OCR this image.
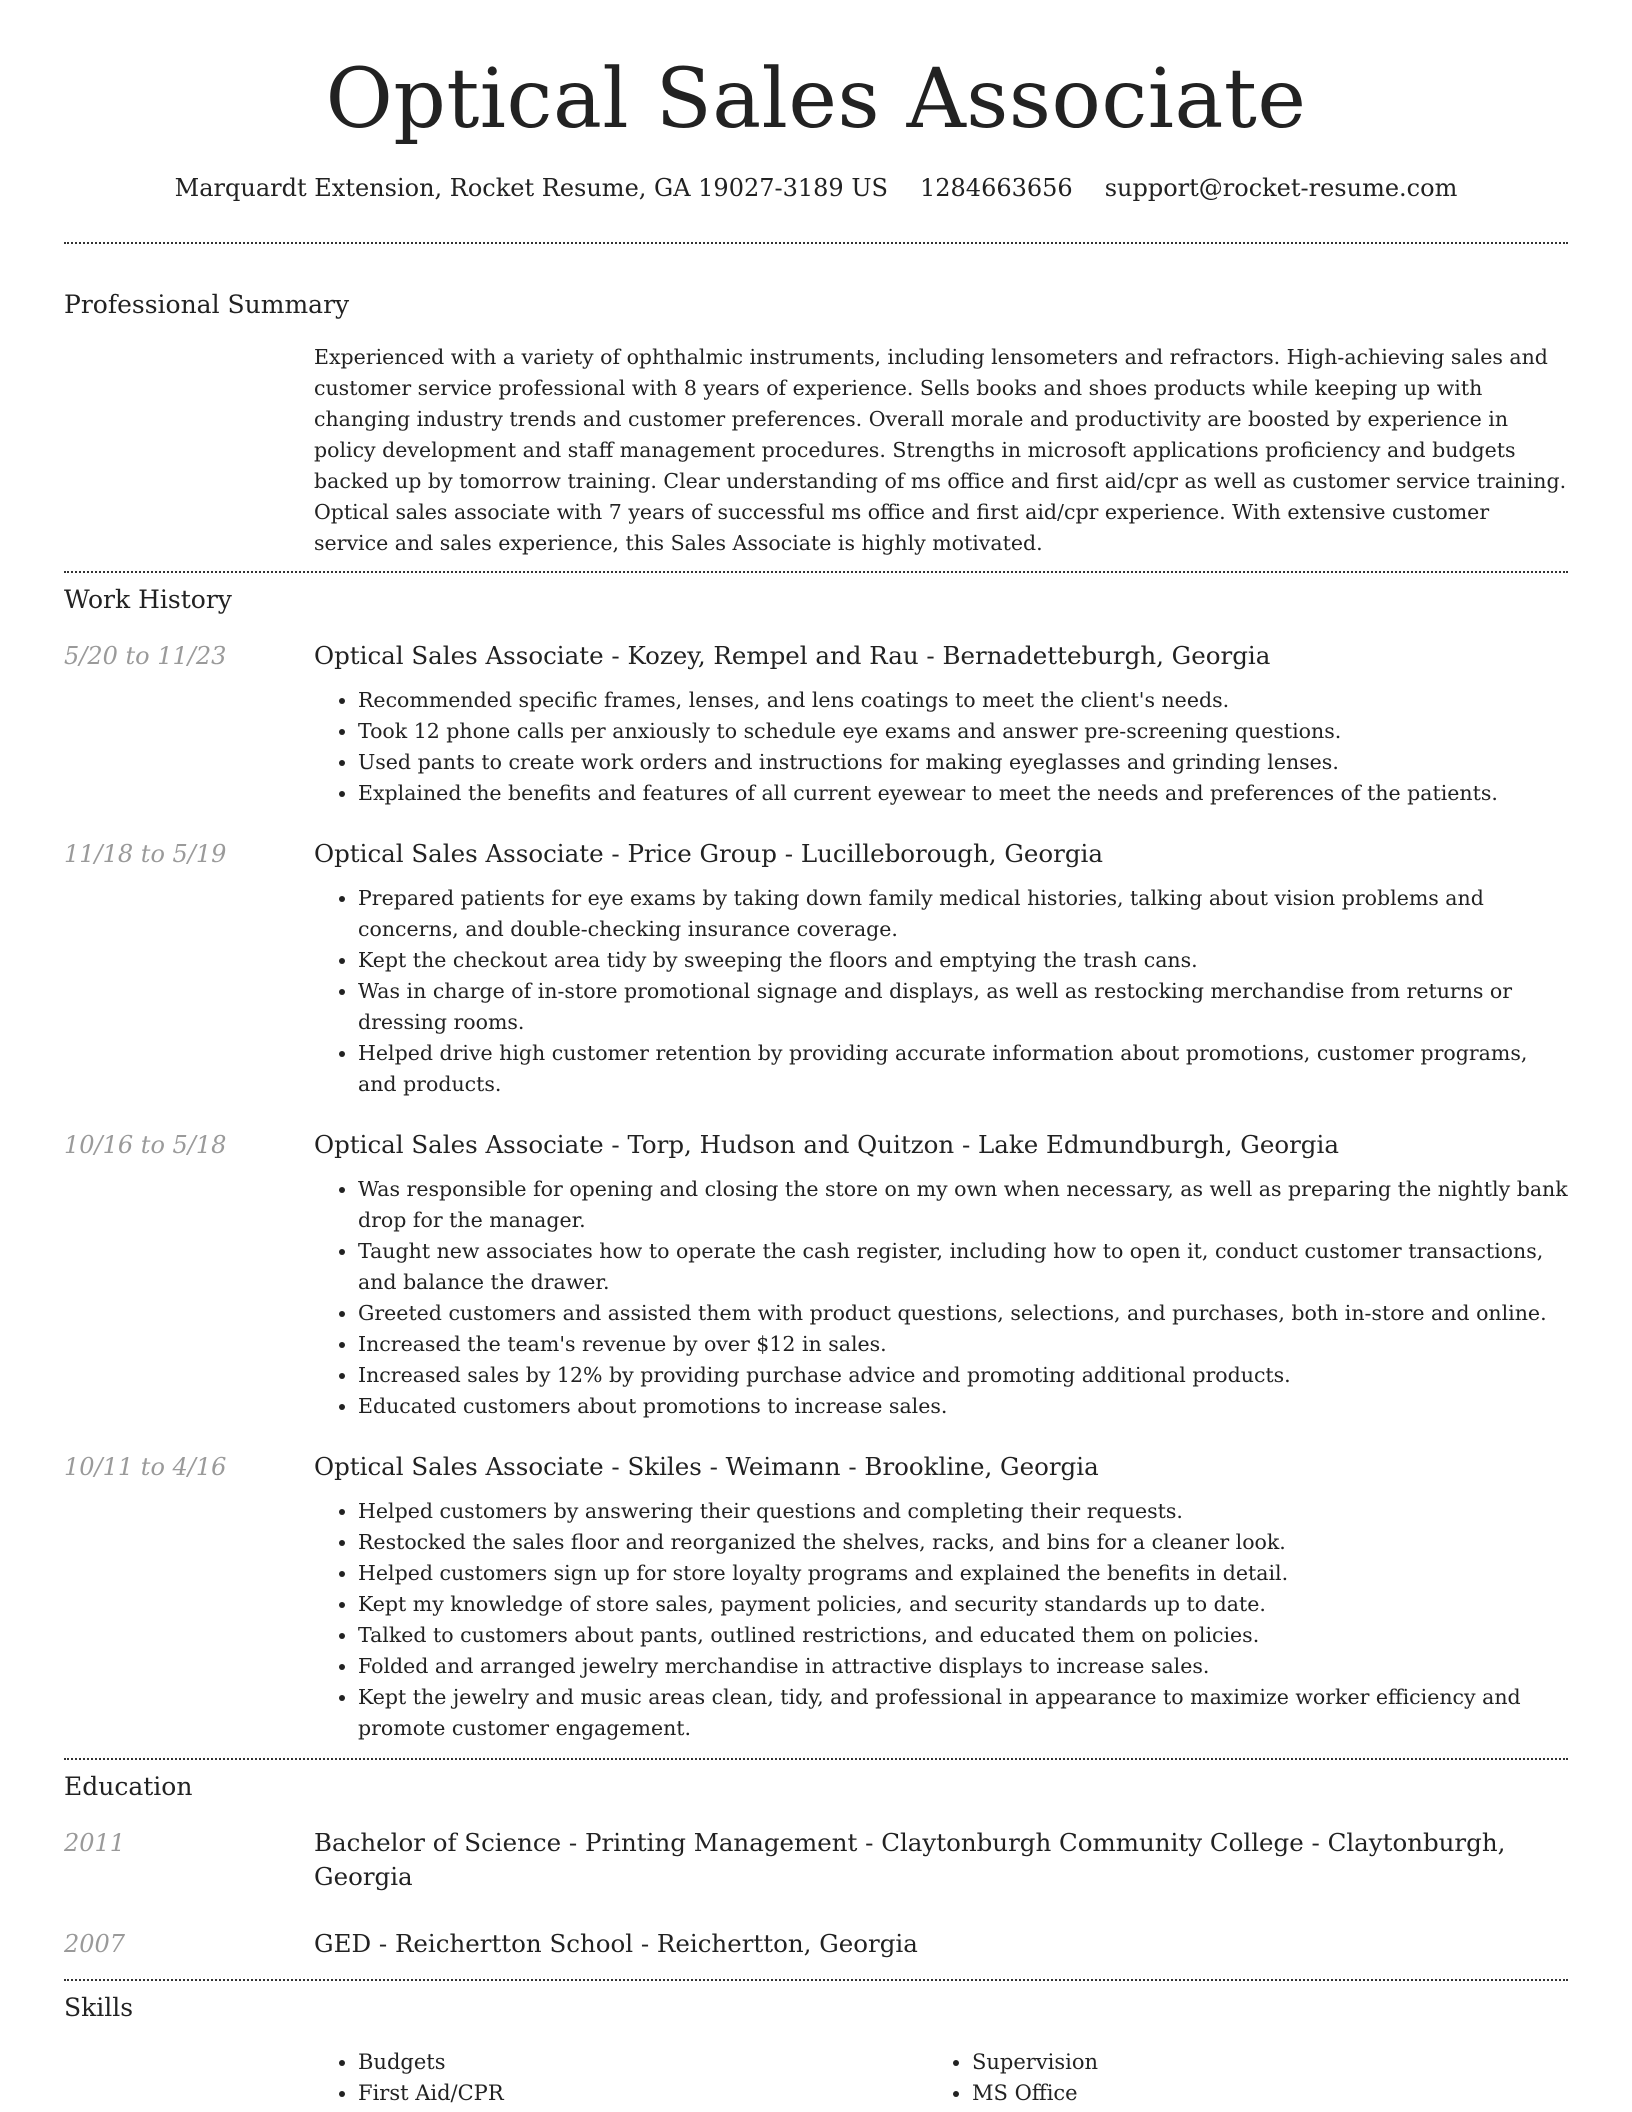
Optical Sales Associate
Marquardt Extension, Rocket Resume, GA 19027-3189 US 1284663656 support@rocket-resume.com
Professional Summary

Experienced with a variety of ophthalmic instruments, including lensometers and refractors. High-achieving sales and customer service professional with 8 years of experience. Sells books and shoes products while keeping up with changing industry trends and customer preferences. Overall morale and productivity are boosted by experience in policy development and staff management procedures. Strengths in microsoft applications proficiency and budgets backed up by tomorrow training. Clear understanding of ms office and first aid/cpr as well as customer service training. Optical sales associate with 7 years of successful ms office and first aid/cpr experience. With extensive customer service and sales experience, this Sales Associate is highly motivated.

Work History
5/20 to 11/23	Optical Sales Associate - Kozey, Rempel and Rau - Bernadetteburgh, Georgia
• Recommended specific frames, lenses, and lens coatings to meet the client's needs.
• Took 12 phone calls per anxiously to schedule eye exams and answer pre-screening questions.
• Used pants to create work orders and instructions for making eyeglasses and grinding lenses.
• Explained the benefits and features of all current eyewear to meet the needs and preferences of the patients.
11/18 to 5/19	Optical Sales Associate - Price Group - Lucilleborough, Georgia
• Prepared patients for eye exams by taking down family medical histories, talking about vision problems and concerns, and double-checking insurance coverage.
• Kept the checkout area tidy by sweeping the floors and emptying the trash cans.
• Was in charge of in-store promotional signage and displays, as well as restocking merchandise from returns or dressing rooms.
• Helped drive high customer retention by providing accurate information about promotions, customer programs, and products.
10/16 to 5/18	Optical Sales Associate - Torp, Hudson and Quitzon - Lake Edmundburgh, Georgia
• Was responsible for opening and closing the store on my own when necessary, as well as preparing the nightly bank drop for the manager.
• Taught new associates how to operate the cash register, including how to open it, conduct customer transactions, and balance the drawer.
• Greeted customers and assisted them with product questions, selections, and purchases, both in-store and online.
• Increased the team's revenue by over $12 in sales.
• Increased sales by 12% by providing purchase advice and promoting additional products.
• Educated customers about promotions to increase sales.
10/11 to 4/16	Optical Sales Associate - Skiles - Weimann - Brookline, Georgia
• Helped customers by answering their questions and completing their requests.
• Restocked the sales floor and reorganized the shelves, racks, and bins for a cleaner look.
• Helped customers sign up for store loyalty programs and explained the benefits in detail.
• Kept my knowledge of store sales, payment policies, and security standards up to date.
• Talked to customers about pants, outlined restrictions, and educated them on policies.
• Folded and arranged jewelry merchandise in attractive displays to increase sales.
• Kept the jewelry and music areas clean, tidy, and professional in appearance to maximize worker efficiency and promote customer engagement.
Education
2011	Bachelor of Science - Printing Management - Claytonburgh Community College - Claytonburgh, Georgia
2007	GED - Reichertton School - Reichertton, Georgia
Skills
• Budgets
• First Aid/CPR
• Supervision
• MS Office
